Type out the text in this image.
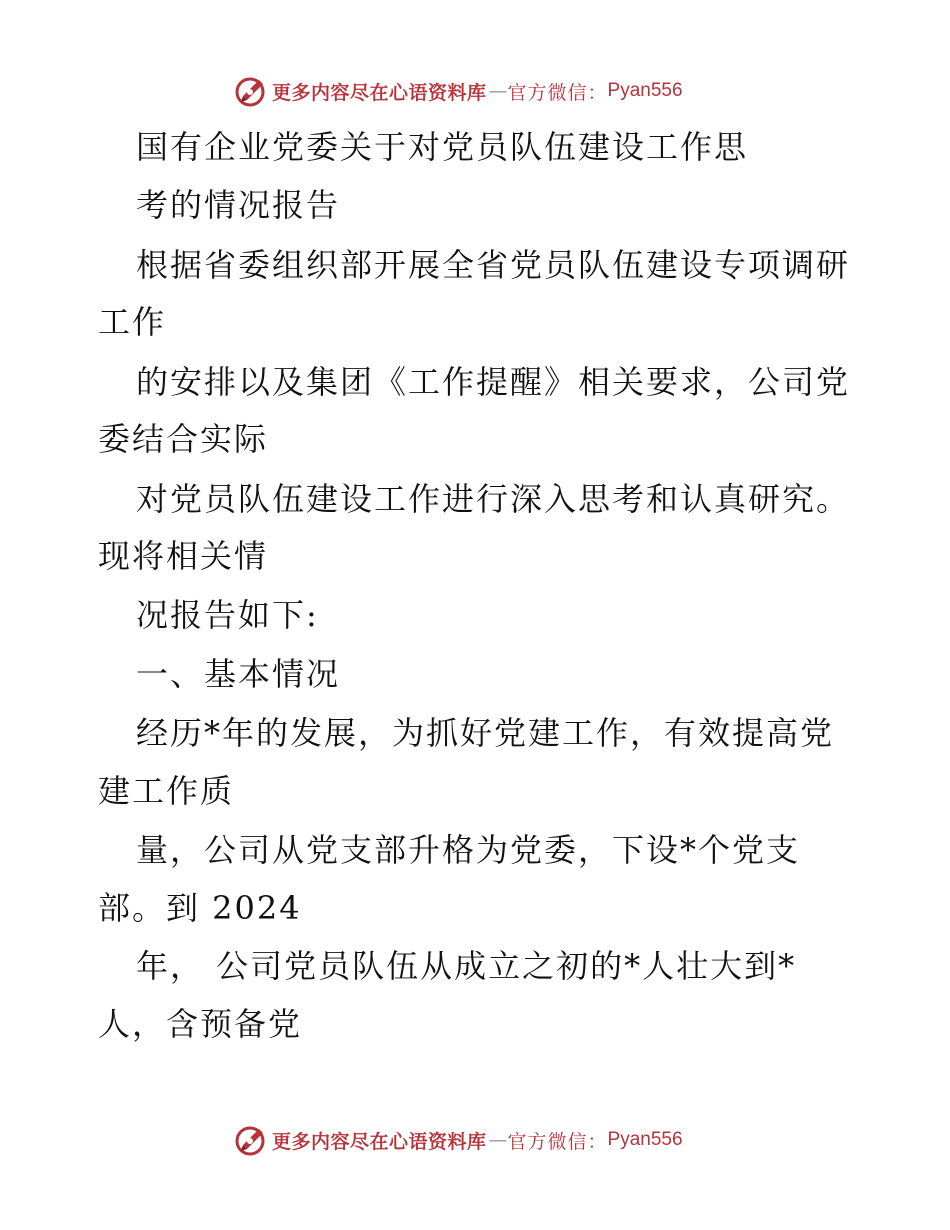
更多内容尽在心语资料库 — 官方微信： Pyan556
国有企业党委关于对党员队伍建设工作思
考的情况报告
根据省委组织部开展全省党员队伍建设专项调研
工作
的安排以及集团《工作提醒》相关要求，公司党
委结合实际
对党员队伍建设工作进行深入思考和认真研究。
现将相关情
况报告如下:
一、基本情况
经历*年的发展，为抓好党建工作，有效提高党
建工作质
量，公司从党支部升格为党委，下设*个党支
部。到 2024
年， 公司党员队伍从成立之初的*人壮大到*
人，含预备党
更多内容尽在心语资料库 — 官方微信： Pyan556
